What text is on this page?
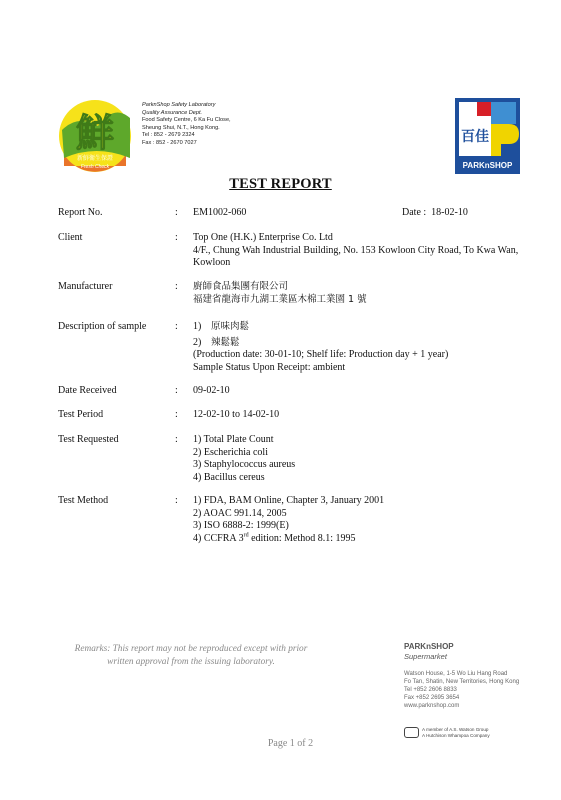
鮮
新鮮衛生保證
Fresh Check
ParknShop Safety Laboratory
Quality Assurance Dept.
Food Safety Centre, 6 Ka Fu Close,
Sheung Shui, N.T., Hong Kong.
Tel : 852 - 2679 2324
Fax : 852 - 2670 7027	百佳
PARKnSHOP
TEST REPORT
Report No.	: EM1002-060	Date : 18-02-10
Client	: Top One (H.K.) Enterprise Co. Ltd
4/F., Chung Wah Industrial Building, No. 153 Kowloon City Road, To Kwa Wan, Kowloon
Manufacturer	: 廚師食品集團有限公司
福建省龍海市九湖工業區木棉工業園 1 號
Description of sample	: 1) 原味肉鬆
2) 辣鬆鬆
(Production date: 30-01-10; Shelf life: Production day + 1 year)
Sample Status Upon Receipt: ambient
Date Received	: 09-02-10
Test Period	: 12-02-10 to 14-02-10
Test Requested	: 1) Total Plate Count
2) Escherichia coli
3) Staphylococcus aureus
4) Bacillus cereus
Test Method	: 1) FDA, BAM Online, Chapter 3, January 2001
2) AOAC 991.14, 2005
3) ISO 6888-2: 1999(E)
4) CCFRA 3rd edition: Method 8.1: 1995
Remarks: This report may not be reproduced except with prior
written approval from the issuing laboratory.
PARKnSHOP
Supermarket
Watson House, 1-5 Wo Liu Hang Road
Fo Tan, Shatin, New Territories, Hong Kong
Tel +852 2606 8833
Fax +852 2695 3654
www.parknshop.com
A member of A.S. Watson Group
A Hutchison Whampoa Company
Page 1 of 2
